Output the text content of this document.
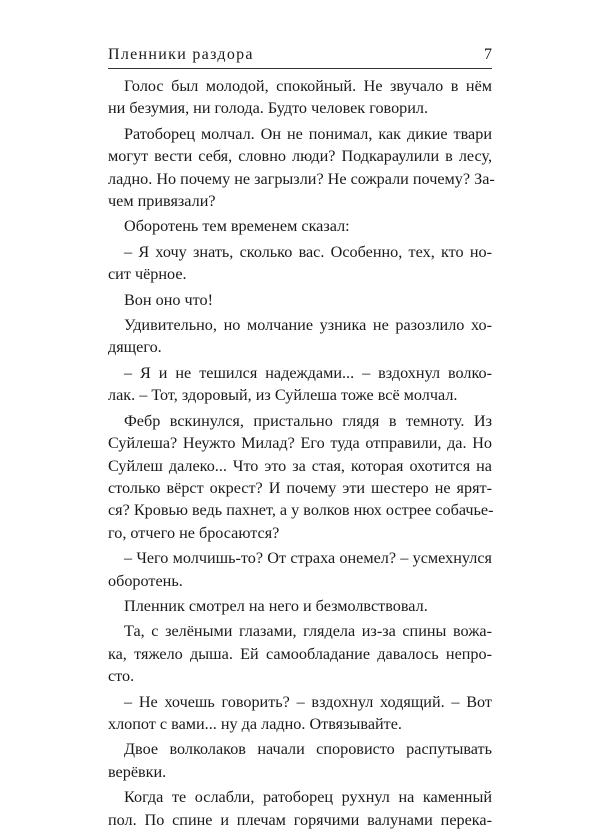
Пленники раздора	7

Голос был молодой, спокойный. Не звучало в нём
ни безумия, ни голода. Будто человек говорил.

Ратоборец молчал. Он не понимал, как дикие твари
могут вести себя, словно люди? Подкараулили в лесу,
ладно. Но почему не загрызли? Не сожрали почему? За-
чем привязали?

Оборотень тем временем сказал:

– Я хочу знать, сколько вас. Особенно, тех, кто но-
сит чёрное.

Вон оно что!

Удивительно, но молчание узника не разозлило хо-
дящего.

– Я и не тешился надеждами... – вздохнул волко-
лак. – Тот, здоровый, из Суйлеша тоже всё молчал.

Фебр вскинулся, пристально глядя в темноту. Из
Суйлеша? Неужто Милад? Его туда отправили, да. Но
Суйлеш далеко... Что это за стая, которая охотится на
столько вёрст окрест? И почему эти шестеро не ярят-
ся? Кровью ведь пахнет, а у волков нюх острее собачье-
го, отчего не бросаются?

– Чего молчишь-то? От страха онемел? – усмехнулся
оборотень.

Пленник смотрел на него и безмолвствовал.

Та, с зелёными глазами, глядела из-за спины вожа-
ка, тяжело дыша. Ей самообладание давалось непро-
сто.

– Не хочешь говорить? – вздохнул ходящий. – Вот
хлопот с вами... ну да ладно. Отвязывайте.

Двое волколаков начали споровисто распутывать
верёвки.

Когда те ослабли, ратоборец рухнул на каменный
пол. По спине и плечам горячими валунами перека-
